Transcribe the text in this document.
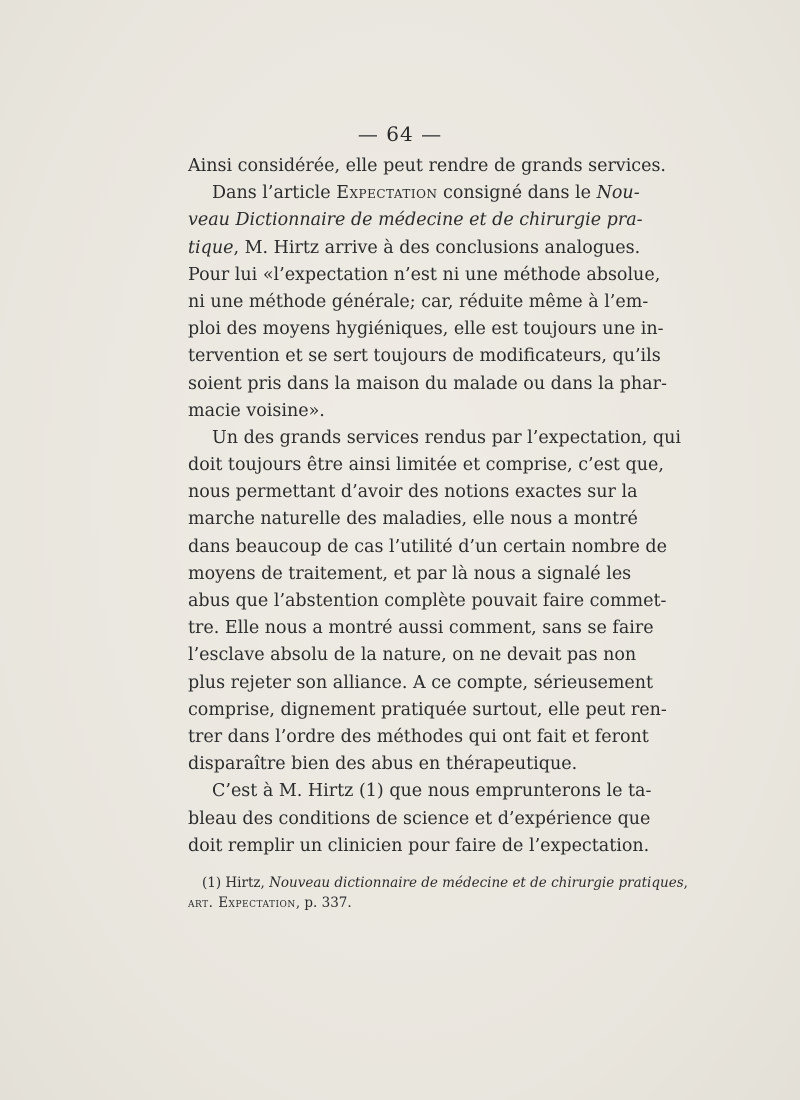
— 64 —
Ainsi considérée, elle peut rendre de grands services.
Dans l’article Expectation consigné dans le Nou-
veau Dictionnaire de médecine et de chirurgie pra-
tique, M. Hirtz arrive à des conclusions analogues.
Pour lui «l’expectation n’est ni une méthode absolue,
ni une méthode générale; car, réduite même à l’em-
ploi des moyens hygiéniques, elle est toujours une in-
tervention et se sert toujours de modificateurs, qu’ils
soient pris dans la maison du malade ou dans la phar-
macie voisine».
Un des grands services rendus par l’expectation, qui
doit toujours être ainsi limitée et comprise, c’est que,
nous permettant d’avoir des notions exactes sur la
marche naturelle des maladies, elle nous a montré
dans beaucoup de cas l’utilité d’un certain nombre de
moyens de traitement, et par là nous a signalé les
abus que l’abstention complète pouvait faire commet-
tre. Elle nous a montré aussi comment, sans se faire
l’esclave absolu de la nature, on ne devait pas non
plus rejeter son alliance. A ce compte, sérieusement
comprise, dignement pratiquée surtout, elle peut ren-
trer dans l’ordre des méthodes qui ont fait et feront
disparaître bien des abus en thérapeutique.
C’est à M. Hirtz (1) que nous emprunterons le ta-
bleau des conditions de science et d’expérience que
doit remplir un clinicien pour faire de l’expectation.
(1) Hirtz, Nouveau dictionnaire de médecine et de chirurgie pratiques,
art. Expectation, p. 337.
